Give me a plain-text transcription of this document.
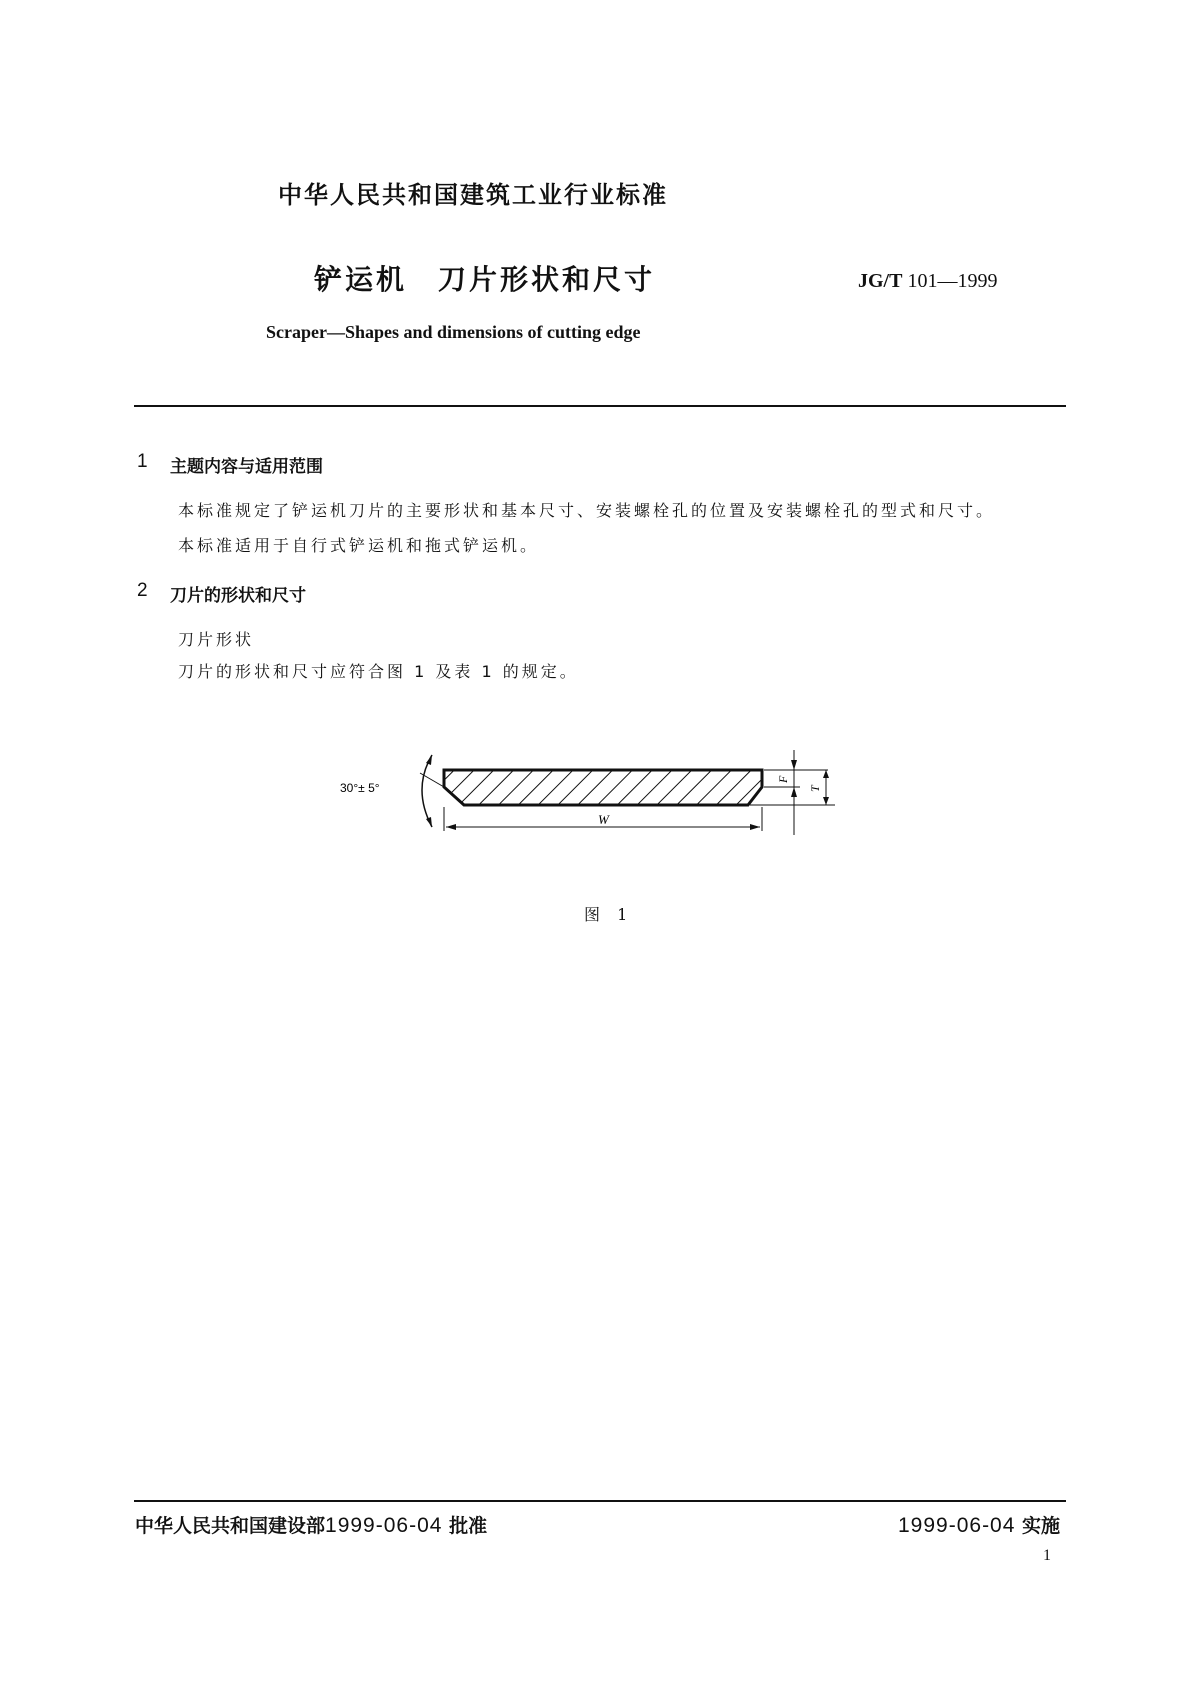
中华人民共和国建筑工业行业标准
铲运机　刀片形状和尺寸	JG/T 101—1999
Scraper—Shapes and dimensions of cutting edge
1 主题内容与适用范围
本标准规定了铲运机刀片的主要形状和基本尺寸、安装螺栓孔的位置及安装螺栓孔的型式和尺寸。
本标准适用于自行式铲运机和拖式铲运机。
2 刀片的形状和尺寸
刀片形状
刀片的形状和尺寸应符合图 1 及表 1 的规定。
30°± 5°
W
F
T
图 1
中华人民共和国建设部1999-06-04 批准	1999-06-04 实施
1
